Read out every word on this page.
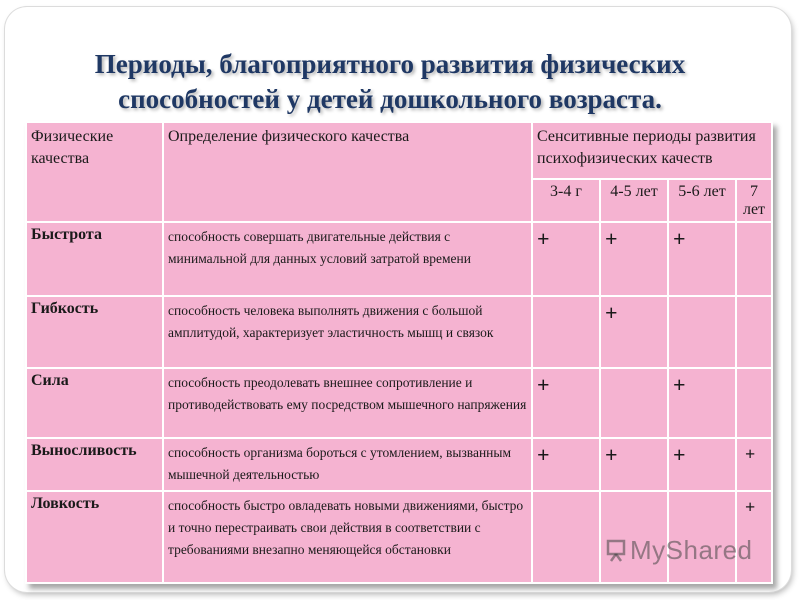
Периоды, благоприятного развития физических
способностей у детей дошкольного возраста.
Физические качества	Определение физического качества	Сенситивные периоды развития психофизических качеств			
		3-4 г	4-5 лет	5-6 лет	7 лет
Быстрота	способность совершать двигательные действия с минимальной для данных условий затратой времени	+	+	+	
Гибкость	способность человека выполнять движения с большой амплитудой, характеризует эластичность мышц и связок		+		
Сила	способность преодолевать внешнее сопротивление и противодействовать ему посредством мышечного напряжения	+		+	
Выносливость	способность организма бороться с утомлением, вызванным мышечной деятельностью	+	+	+	+
Ловкость	способность быстро овладевать новыми движениями, быстро и точно перестраивать свои действия в соответствии с требованиями внезапно меняющейся обстановки				+
MyShared
